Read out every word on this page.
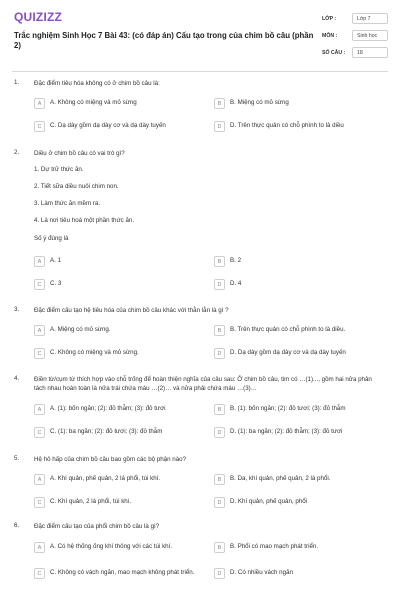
QUIZIZZ
Trắc nghiệm Sinh Học 7 Bài 43: (có đáp án) Cấu tạo trong của chim bồ câu (phần 2)
LỚP :	Lớp 7
MÔN :	Sinh học
SỐ CÂU :	18
1. Đặc điểm tiêu hóa không có ở chim bồ câu là:
A	A. Không có miệng và mỏ sừng	B	B. Miệng có mỏ sừng
C	C. Dạ dày gồm dạ dày cơ và dạ dày tuyến	D	D. Trên thực quản có chỗ phình to là diều
2. Diều ở chim bồ câu có vai trò gì?
1. Dự trữ thức ăn.
2. Tiết sữa diều nuôi chim non.
3. Làm thức ăn mềm ra.
4. Là nơi tiêu hoá một phần thức ăn.
Số ý đúng là
A	A. 1	B	B. 2
C	C. 3	D	D. 4
3. Đặc điểm cấu tạo hệ tiêu hóa của chim bồ câu khác với thằn lằn là gì ?
A	A. Miệng có mỏ sừng.	B	B. Trên thực quản có chỗ phình to là diều.
C	C. Không có miệng và mỏ sừng.	D	D. Dạ dày gồm dạ dày cơ và dạ dày tuyến
4. Điền từ/cụm từ thích hợp vào chỗ trống để hoàn thiện nghĩa của câu sau: Ở chim bồ câu, tim có …(1)..., gồm hai nửa phân tách nhau hoàn toàn là nửa trái chứa máu …(2)… và nửa phải chứa máu …(3)…
A	A. (1): bốn ngăn; (2): đỏ thẫm; (3): đỏ tươi	B	B. (1): bốn ngăn; (2): đỏ tươi; (3): đỏ thẫm
C	C. (1): ba ngăn; (2): đỏ tươi; (3): đỏ thẫm	D	D. (1): ba ngăn; (2): đỏ thẫm; (3): đỏ tươi
5. Hệ hô hấp của chim bồ câu bao gồm các bộ phận nào?
A	A. Khí quản, phế quản, 2 lá phổi, túi khí.	B	B. Da, khí quản, phế quản, 2 lá phổi.
C	C. Khí quản, 2 lá phổi, túi khí.	D	D. Khí quản, phế quản, phổi
6. Đặc điểm cấu tạo của phổi chim bồ câu là gì?
A	A. Có hệ thống ống khí thông với các túi khí.	B	B. Phổi có mao mạch phát triển.
C	C. Không có vách ngăn, mao mạch không phát triển.	D	D. Có nhiều vách ngăn
